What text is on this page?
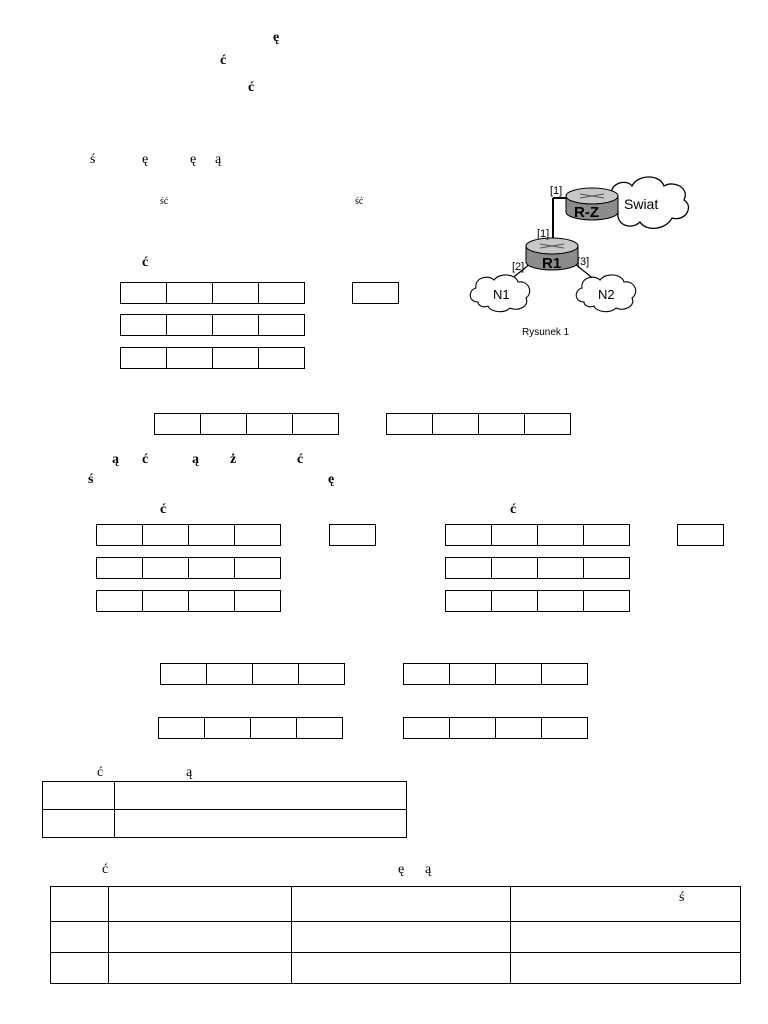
ę
ć
ć
ś	ę	ę ą
ść	ść
ć
Swiat
N1	N2
R-Z
R1
[1]
[1]
[2]	[3]
Rysunek 1
ą ć	ą ż	ć
ś	ę
ć	ć
ć	ą

ć	ę ą

			ś
